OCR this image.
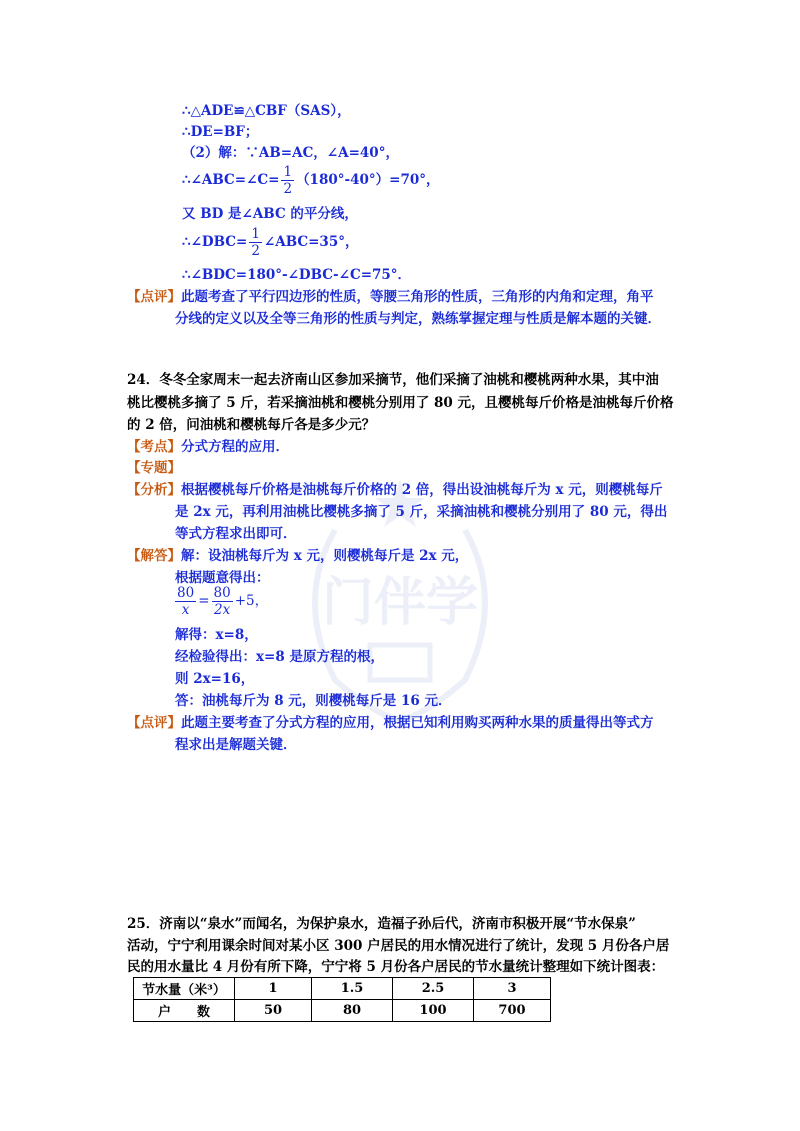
门伴学
∴△ADE≌△CBF（SAS），
∴DE=BF；
（2）解：∵AB=AC，∠A=40°，
∴∠ABC=∠C= $\frac{1}{2} (180^\circ-40^\circ)=70^\circ$，
又 BD 是∠ABC 的平分线，
∴∠DBC= $\frac{1}{2}$ ∠ABC=35°，
∴∠BDC=180°-∠DBC-∠C=75°．
【点评】此题考查了平行四边形的性质，等腰三角形的性质，三角形的内角和定理，角平
分线的定义以及全等三角形的性质与判定，熟练掌握定理与性质是解本题的关键．
24．冬冬全家周末一起去济南山区参加采摘节，他们采摘了油桃和樱桃两种水果，其中油
桃比樱桃多摘了 5 斤，若采摘油桃和樱桃分别用了 80 元，且樱桃每斤价格是油桃每斤价格
的 2 倍，问油桃和樱桃每斤各是多少元？
【考点】分式方程的应用．
【专题】
【分析】根据樱桃每斤价格是油桃每斤价格的 2 倍，得出设油桃每斤为 x 元，则樱桃每斤
是 2x 元，再利用油桃比樱桃多摘了 5 斤，采摘油桃和樱桃分别用了 80 元，得出
等式方程求出即可．
【解答】解：设油桃每斤为 x 元，则樱桃每斤是 2x 元，
根据题意得出：
$\frac{80}{x} = \frac{80}{2x} +5$，
解得：x=8，
经检验得出：x=8 是原方程的根，
则 2x=16，
答：油桃每斤为 8 元，则樱桃每斤是 16 元．
【点评】此题主要考查了分式方程的应用，根据已知利用购买两种水果的质量得出等式方
程求出是解题关键．
25．济南以“泉水”而闻名，为保护泉水，造福子孙后代，济南市积极开展“节水保泉”
活动，宁宁利用课余时间对某小区 300 户居民的用水情况进行了统计，发现 5 月份各户居
民的用水量比 4 月份有所下降，宁宁将 5 月份各户居民的节水量统计整理如下统计图表：
节水量（米³）	1	1.5	2.5	3
户　　数	50	80	100	700
